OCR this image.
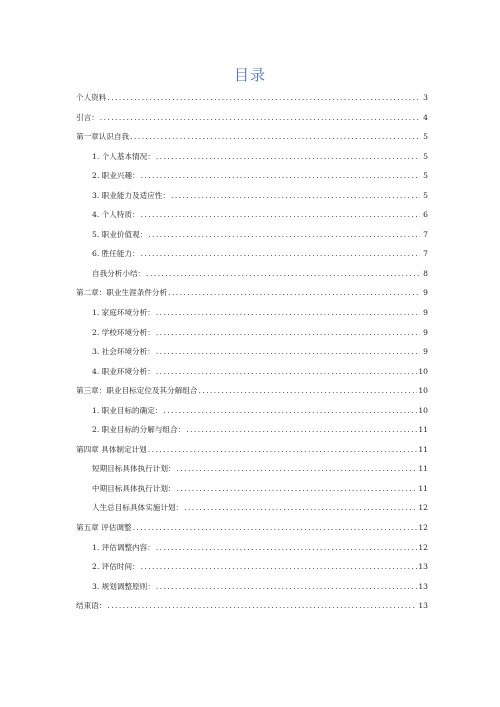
目录
个人资料 .....	3
引言： .....	4
第一章认识自我 .....	5
1. 个人基本情况： .....	5
2. 职业兴趣： .....	5
3. 职业能力及适应性： .....	5
4. 个人特质： .....	6
5. 职业价值观： .....	7
6. 胜任能力： .....	7
自我分析小结： .....	8
第二章：职业生涯条件分析 .....	9
1. 家庭环境分析： .....	9
2. 学校环境分析： .....	9
3. 社会环境分析： .....	9
4. 职业环境分析： .....	10
第三章：职业目标定位及其分解组合 .....	10
1. 职业目标的确定： .....	10
2. 职业目标的分解与组合： .....	11
第四章 具体制定计划 .....	11
短期目标具体执行计划： .....	11
中期目标具体执行计划： .....	11
人生总目标具体实施计划： .....	12
第五章 评估调整 .....	12
1. 评估调整内容： .....	12
2. 评估时间： .....	13
3. 规划调整原则： .....	13
结束语： .....	13
